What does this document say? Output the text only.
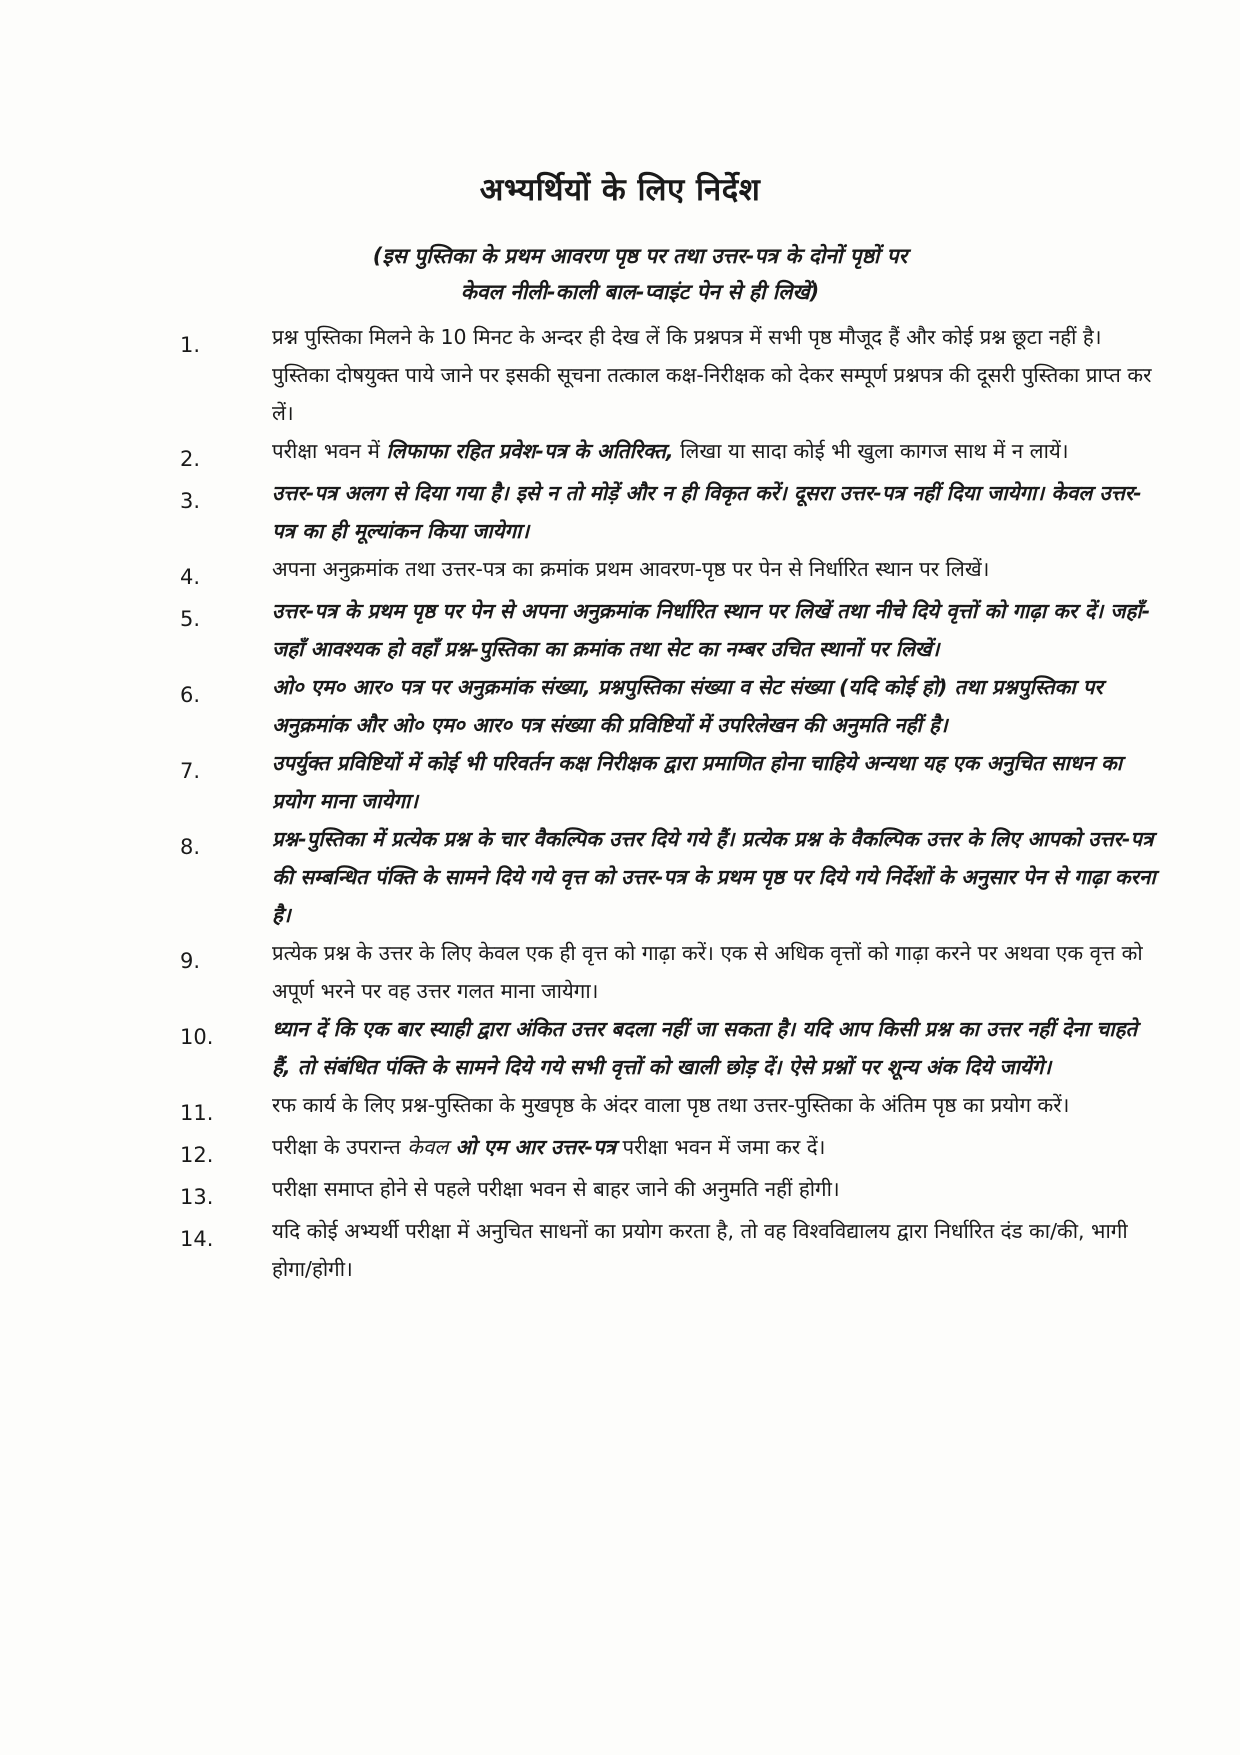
अभ्यर्थियों के लिए निर्देश
(इस पुस्तिका के प्रथम आवरण पृष्ठ पर तथा उत्तर-पत्र के दोनों पृष्ठों पर
केवल नीली-काली बाल-प्वाइंट पेन से ही लिखें)
1.	प्रश्न पुस्तिका मिलने के 10 मिनट के अन्दर ही देख लें कि प्रश्नपत्र में सभी पृष्ठ मौजूद हैं और कोई प्रश्न छूटा नहीं है। पुस्तिका दोषयुक्त पाये जाने पर इसकी सूचना तत्काल कक्ष-निरीक्षक को देकर सम्पूर्ण प्रश्नपत्र की दूसरी पुस्तिका प्राप्त कर लें।
2.	परीक्षा भवन में लिफाफा रहित प्रवेश-पत्र के अतिरिक्त, लिखा या सादा कोई भी खुला कागज साथ में न लायें।
3.	उत्तर-पत्र अलग से दिया गया है। इसे न तो मोड़ें और न ही विकृत करें। दूसरा उत्तर-पत्र नहीं दिया जायेगा। केवल उत्तर-पत्र का ही मूल्यांकन किया जायेगा।
4.	अपना अनुक्रमांक तथा उत्तर-पत्र का क्रमांक प्रथम आवरण-पृष्ठ पर पेन से निर्धारित स्थान पर लिखें।
5.	उत्तर-पत्र के प्रथम पृष्ठ पर पेन से अपना अनुक्रमांक निर्धारित स्थान पर लिखें तथा नीचे दिये वृत्तों को गाढ़ा कर दें। जहाँ-जहाँ आवश्यक हो वहाँ प्रश्न-पुस्तिका का क्रमांक तथा सेट का नम्बर उचित स्थानों पर लिखें।
6.	ओ० एम० आर० पत्र पर अनुक्रमांक संख्या, प्रश्नपुस्तिका संख्या व सेट संख्या (यदि कोई हो) तथा प्रश्नपुस्तिका पर अनुक्रमांक और ओ० एम० आर० पत्र संख्या की प्रविष्टियों में उपरिलेखन की अनुमति नहीं है।
7.	उपर्युक्त प्रविष्टियों में कोई भी परिवर्तन कक्ष निरीक्षक द्वारा प्रमाणित होना चाहिये अन्यथा यह एक अनुचित साधन का प्रयोग माना जायेगा।
8.	प्रश्न-पुस्तिका में प्रत्येक प्रश्न के चार वैकल्पिक उत्तर दिये गये हैं। प्रत्येक प्रश्न के वैकल्पिक उत्तर के लिए आपको उत्तर-पत्र की सम्बन्धित पंक्ति के सामने दिये गये वृत्त को उत्तर-पत्र के प्रथम पृष्ठ पर दिये गये निर्देशों के अनुसार पेन से गाढ़ा करना है।
9.	प्रत्येक प्रश्न के उत्तर के लिए केवल एक ही वृत्त को गाढ़ा करें। एक से अधिक वृत्तों को गाढ़ा करने पर अथवा एक वृत्त को अपूर्ण भरने पर वह उत्तर गलत माना जायेगा।
10.	ध्यान दें कि एक बार स्याही द्वारा अंकित उत्तर बदला नहीं जा सकता है। यदि आप किसी प्रश्न का उत्तर नहीं देना चाहते हैं, तो संबंधित पंक्ति के सामने दिये गये सभी वृत्तों को खाली छोड़ दें। ऐसे प्रश्नों पर शून्य अंक दिये जायेंगे।
11.	रफ कार्य के लिए प्रश्न-पुस्तिका के मुखपृष्ठ के अंदर वाला पृष्ठ तथा उत्तर-पुस्तिका के अंतिम पृष्ठ का प्रयोग करें।
12.	परीक्षा के उपरान्त केवल ओ एम आर उत्तर-पत्र परीक्षा भवन में जमा कर दें।
13.	परीक्षा समाप्त होने से पहले परीक्षा भवन से बाहर जाने की अनुमति नहीं होगी।
14.	यदि कोई अभ्यर्थी परीक्षा में अनुचित साधनों का प्रयोग करता है, तो वह विश्वविद्यालय द्वारा निर्धारित दंड का/की, भागी होगा/होगी।
